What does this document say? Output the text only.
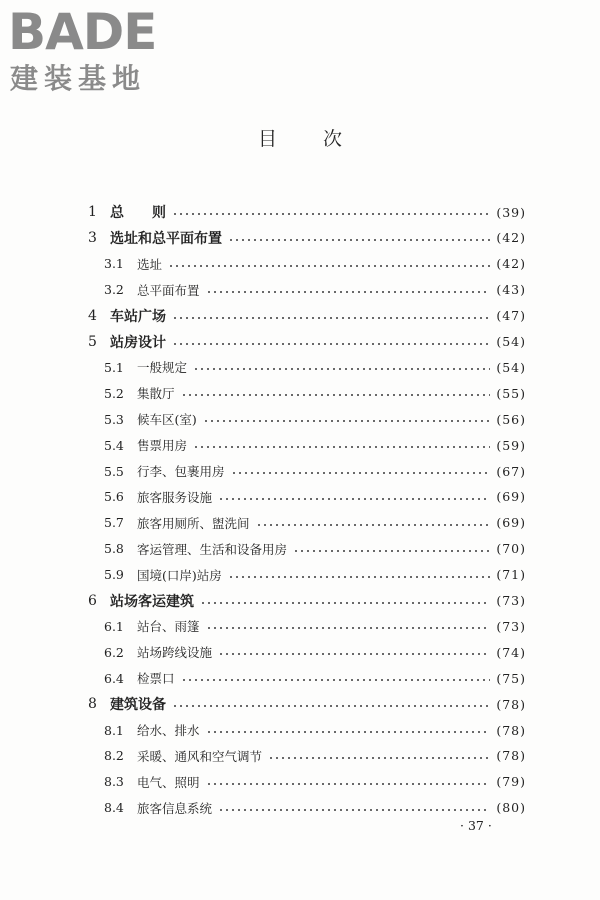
BADE
建装基地
目次
1 总　　则	(39)
3 选址和总平面布置	(42)
3.1	选址	(42)
3.2	总平面布置	(43)
4 车站广场	(47)
5 站房设计	(54)
5.1	一般规定	(54)
5.2	集散厅	(55)
5.3	候车区(室)	(56)
5.4	售票用房	(59)
5.5	行李、包裹用房	(67)
5.6	旅客服务设施	(69)
5.7	旅客用厕所、盥洗间	(69)
5.8	客运管理、生活和设备用房	(70)
5.9	国境(口岸)站房	(71)
6 站场客运建筑	(73)
6.1	站台、雨篷	(73)
6.2	站场跨线设施	(74)
6.4	检票口	(75)
8 建筑设备	(78)
8.1	给水、排水	(78)
8.2	采暖、通风和空气调节	(78)
8.3	电气、照明	(79)
8.4	旅客信息系统	(80)
· 37 ·
